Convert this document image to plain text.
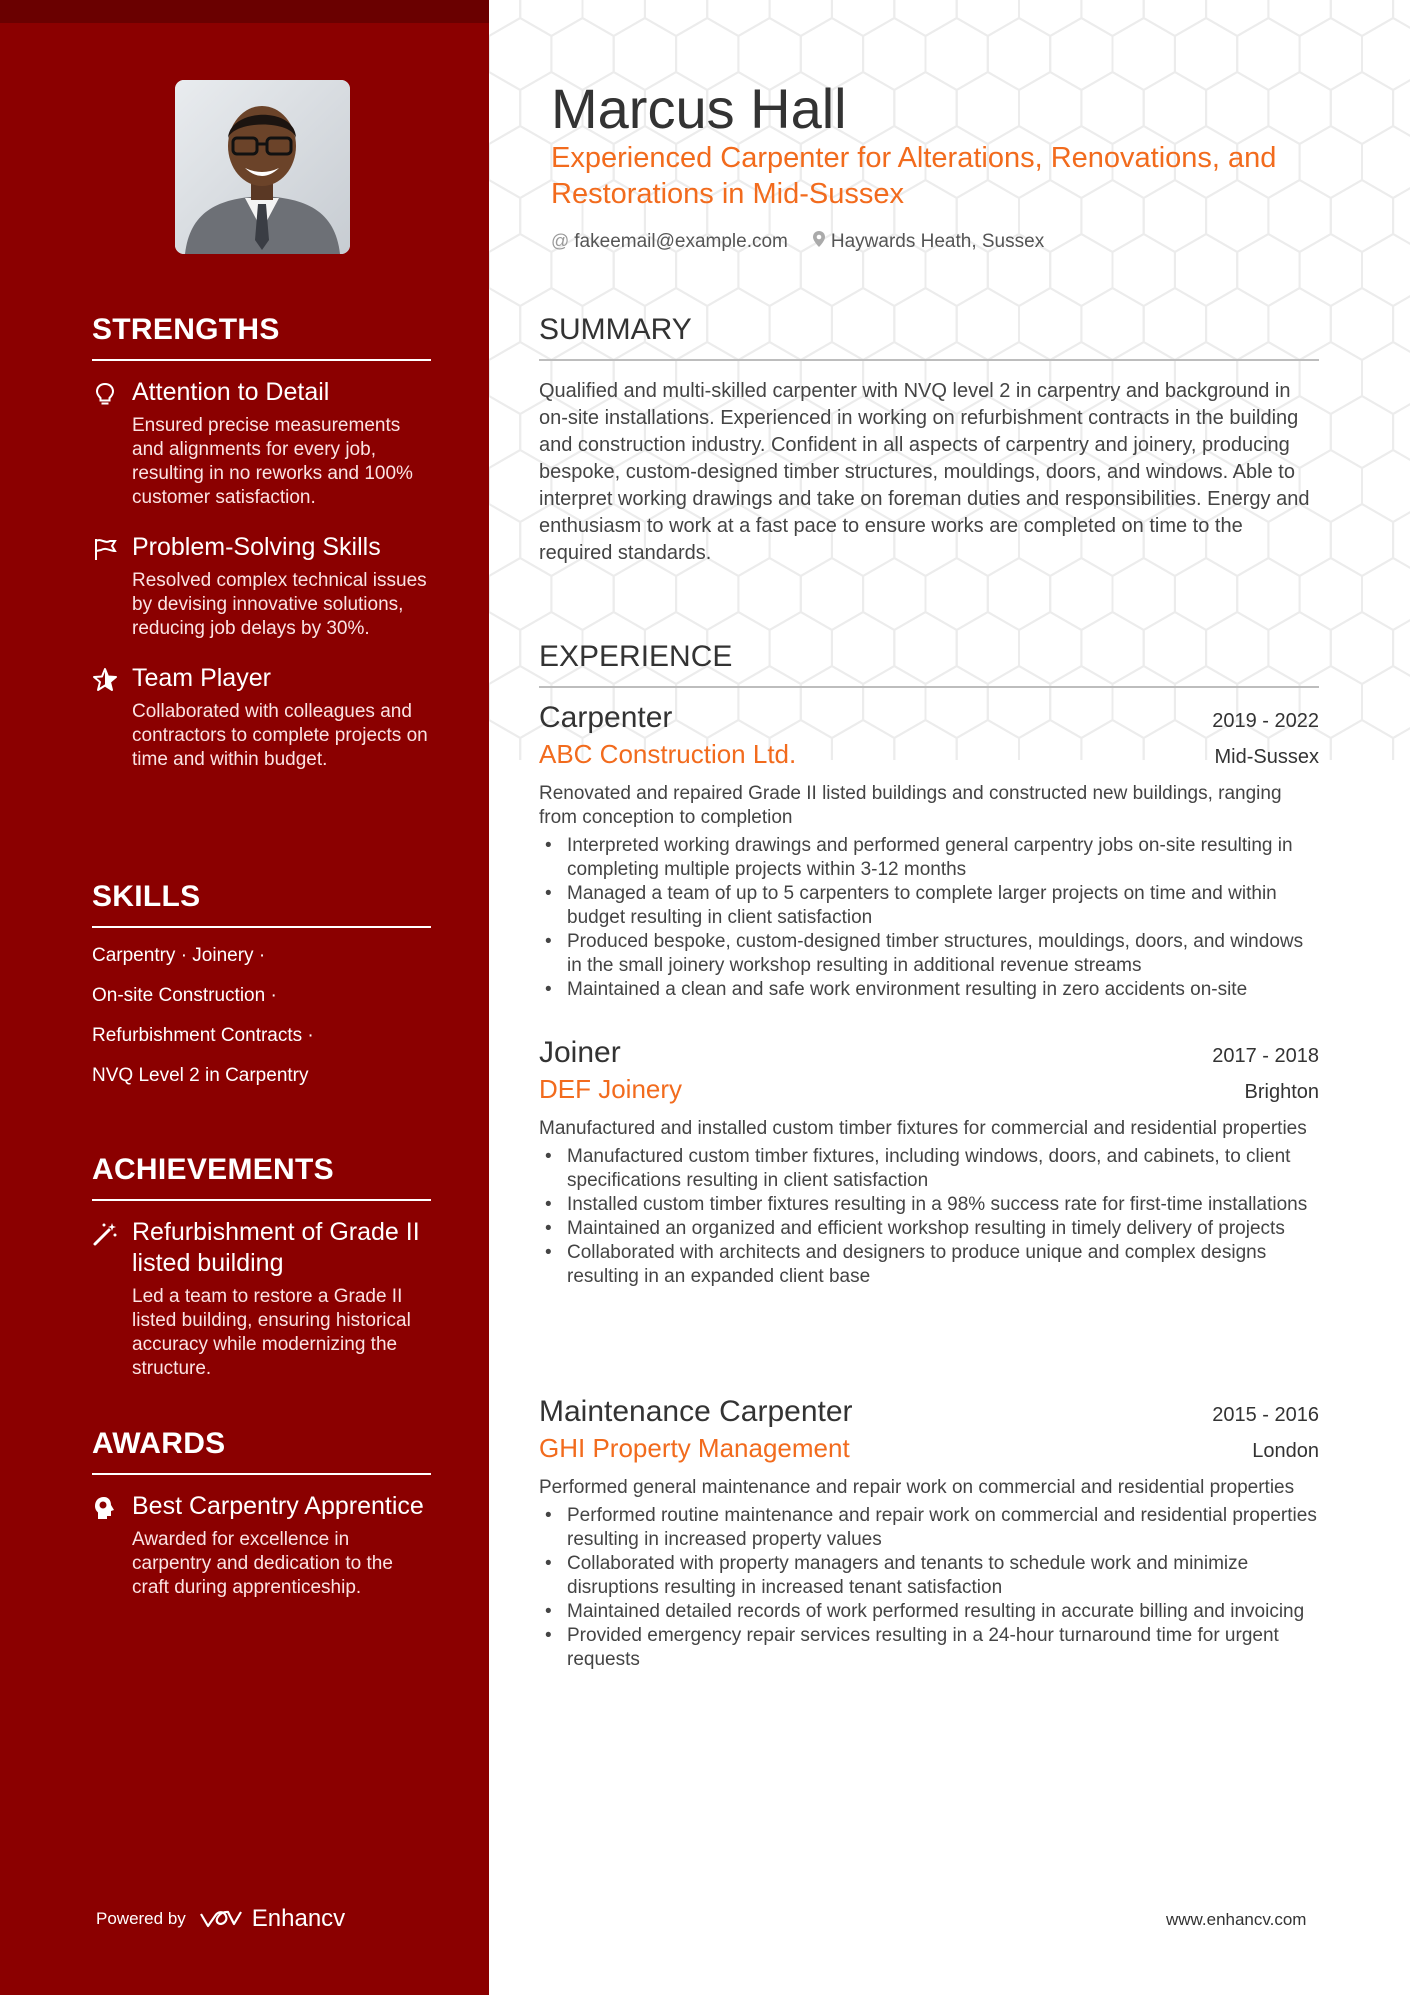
STRENGTHS
Attention to Detail
Ensured precise measurements and alignments for every job, resulting in no reworks and 100% customer satisfaction.
Problem-Solving Skills
Resolved complex technical issues by devising innovative solutions, reducing job delays by 30%.
Team Player
Collaborated with colleagues and contractors to complete projects on time and within budget.
SKILLS
Carpentry · Joinery ·
On-site Construction ·
Refurbishment Contracts ·
NVQ Level 2 in Carpentry
ACHIEVEMENTS
Refurbishment of Grade II listed building
Led a team to restore a Grade II listed building, ensuring historical accuracy while modernizing the structure.
AWARDS
Best Carpentry Apprentice
Awarded for excellence in carpentry and dedication to the craft during apprenticeship.
Powered by	Enhancv
Marcus Hall
Experienced Carpenter for Alterations, Renovations, and Restorations in Mid-Sussex
@ fakeemail@example.com Haywards Heath, Sussex
SUMMARY
Qualified and multi-skilled carpenter with NVQ level 2 in carpentry and background in on-site installations. Experienced in working on refurbishment contracts in the building and construction industry. Confident in all aspects of carpentry and joinery, producing bespoke, custom-designed timber structures, mouldings, doors, and windows. Able to interpret working drawings and take on foreman duties and responsibilities. Energy and enthusiasm to work at a fast pace to ensure works are completed on time to the required standards.
EXPERIENCE
Carpenter	2019 - 2022
ABC Construction Ltd.	Mid-Sussex
Renovated and repaired Grade II listed buildings and constructed new buildings, ranging from conception to completion
• Interpreted working drawings and performed general carpentry jobs on-site resulting in completing multiple projects within 3-12 months
• Managed a team of up to 5 carpenters to complete larger projects on time and within budget resulting in client satisfaction
• Produced bespoke, custom-designed timber structures, mouldings, doors, and windows in the small joinery workshop resulting in additional revenue streams
• Maintained a clean and safe work environment resulting in zero accidents on-site
Joiner	2017 - 2018
DEF Joinery	Brighton
Manufactured and installed custom timber fixtures for commercial and residential properties
• Manufactured custom timber fixtures, including windows, doors, and cabinets, to client specifications resulting in client satisfaction
• Installed custom timber fixtures resulting in a 98% success rate for first-time installations
• Maintained an organized and efficient workshop resulting in timely delivery of projects
• Collaborated with architects and designers to produce unique and complex designs resulting in an expanded client base
Maintenance Carpenter	2015 - 2016
GHI Property Management	London
Performed general maintenance and repair work on commercial and residential properties
• Performed routine maintenance and repair work on commercial and residential properties resulting in increased property values
• Collaborated with property managers and tenants to schedule work and minimize disruptions resulting in increased tenant satisfaction
• Maintained detailed records of work performed resulting in accurate billing and invoicing
• Provided emergency repair services resulting in a 24-hour turnaround time for urgent requests
www.enhancv.com
